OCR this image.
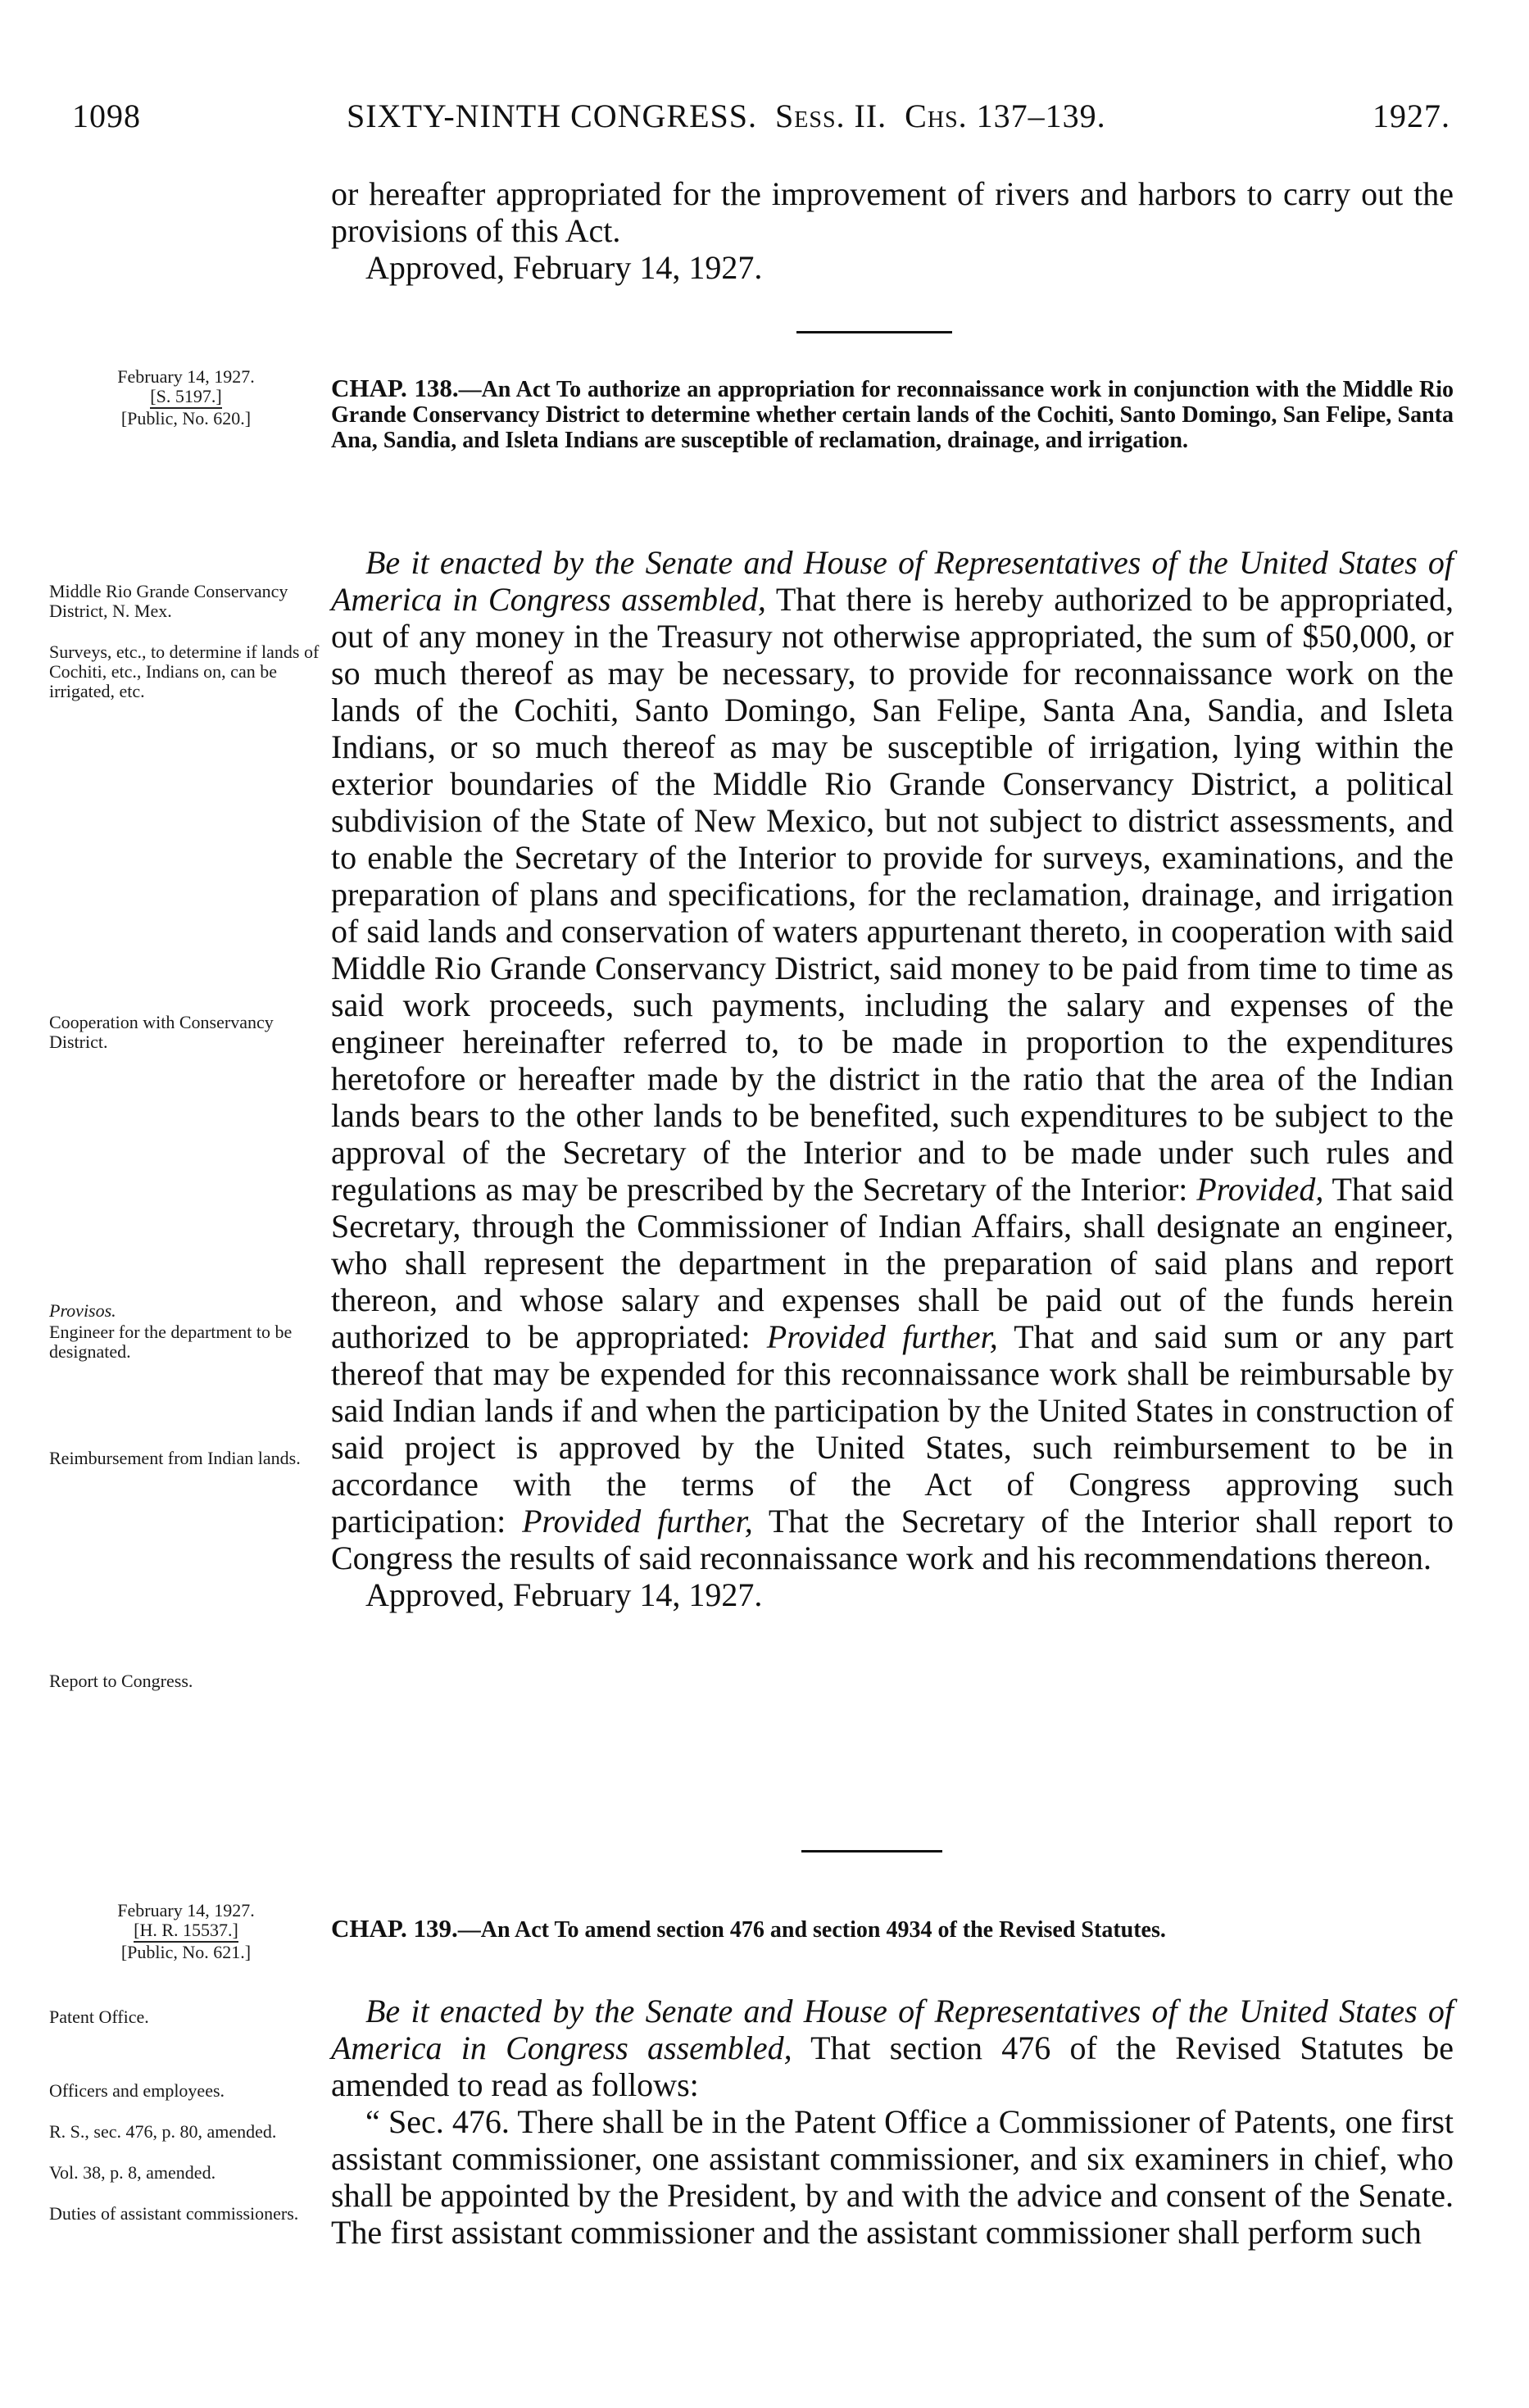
1098	SIXTY-NINTH CONGRESS. Sess. II. Chs. 137–139.	1927.

or hereafter appropriated for the improvement of rivers and harbors to carry out the provisions of this Act.

Approved, February 14, 1927.

February 14, 1927.
[S. 5197.]
[Public, No. 620.]
CHAP. 138.—An Act To authorize an appropriation for reconnaissance work in conjunction with the Middle Rio Grande Conservancy District to determine whether certain lands of the Cochiti, Santo Domingo, San Felipe, Santa Ana, Sandia, and Isleta Indians are susceptible of reclamation, drainage, and irrigation.

Be it enacted by the Senate and House of Representatives of the United States of America in Congress assembled, That there is hereby authorized to be appropriated, out of any money in the Treasury not otherwise appropriated, the sum of $50,000, or so much thereof as may be necessary, to provide for reconnaissance work on the lands of the Cochiti, Santo Domingo, San Felipe, Santa Ana, Sandia, and Isleta Indians, or so much thereof as may be susceptible of irrigation, lying within the exterior boundaries of the Middle Rio Grande Conservancy District, a political subdivision of the State of New Mexico, but not subject to district assessments, and to enable the Secretary of the Interior to provide for surveys, examinations, and the preparation of plans and specifications, for the reclamation, drainage, and irrigation of said lands and conservation of waters appurtenant thereto, in cooperation with said Middle Rio Grande Conservancy District, said money to be paid from time to time as said work proceeds, such payments, including the salary and expenses of the engineer hereinafter referred to, to be made in proportion to the expenditures heretofore or hereafter made by the district in the ratio that the area of the Indian lands bears to the other lands to be benefited, such expenditures to be subject to the approval of the Secretary of the Interior and to be made under such rules and regulations as may be prescribed by the Secretary of the Interior: Provided, That said Secretary, through the Commissioner of Indian Affairs, shall designate an engineer, who shall represent the department in the preparation of said plans and report thereon, and whose salary and expenses shall be paid out of the funds herein authorized to be appropriated: Provided further, That and said sum or any part thereof that may be expended for this reconnaissance work shall be reimbursable by said Indian lands if and when the participation by the United States in construction of said project is approved by the United States, such reimbursement to be in accordance with the terms of the Act of Congress approving such participation: Provided further, That the Secretary of the Interior shall report to Congress the results of said reconnaissance work and his recommendations thereon.

Approved, February 14, 1927.

Middle Rio Grande Conservancy District, N. Mex.
Surveys, etc., to determine if lands of Cochiti, etc., Indians on, can be irrigated, etc.
Cooperation with Conservancy District.
Provisos.
Engineer for the department to be designated.
Reimbursement from Indian lands.
Report to Congress.
February 14, 1927.
[H. R. 15537.]
[Public, No. 621.]
CHAP. 139.—An Act To amend section 476 and section 4934 of the Revised Statutes.

Be it enacted by the Senate and House of Representatives of the United States of America in Congress assembled, That section 476 of the Revised Statutes be amended to read as follows:

“ Sec. 476. There shall be in the Patent Office a Commissioner of Patents, one first assistant commissioner, one assistant commissioner, and six examiners in chief, who shall be appointed by the President, by and with the advice and consent of the Senate. The first assistant commissioner and the assistant commissioner shall perform such

Patent Office.
Officers and employees.
R. S., sec. 476, p. 80, amended.
Vol. 38, p. 8, amended.
Duties of assistant commissioners.
